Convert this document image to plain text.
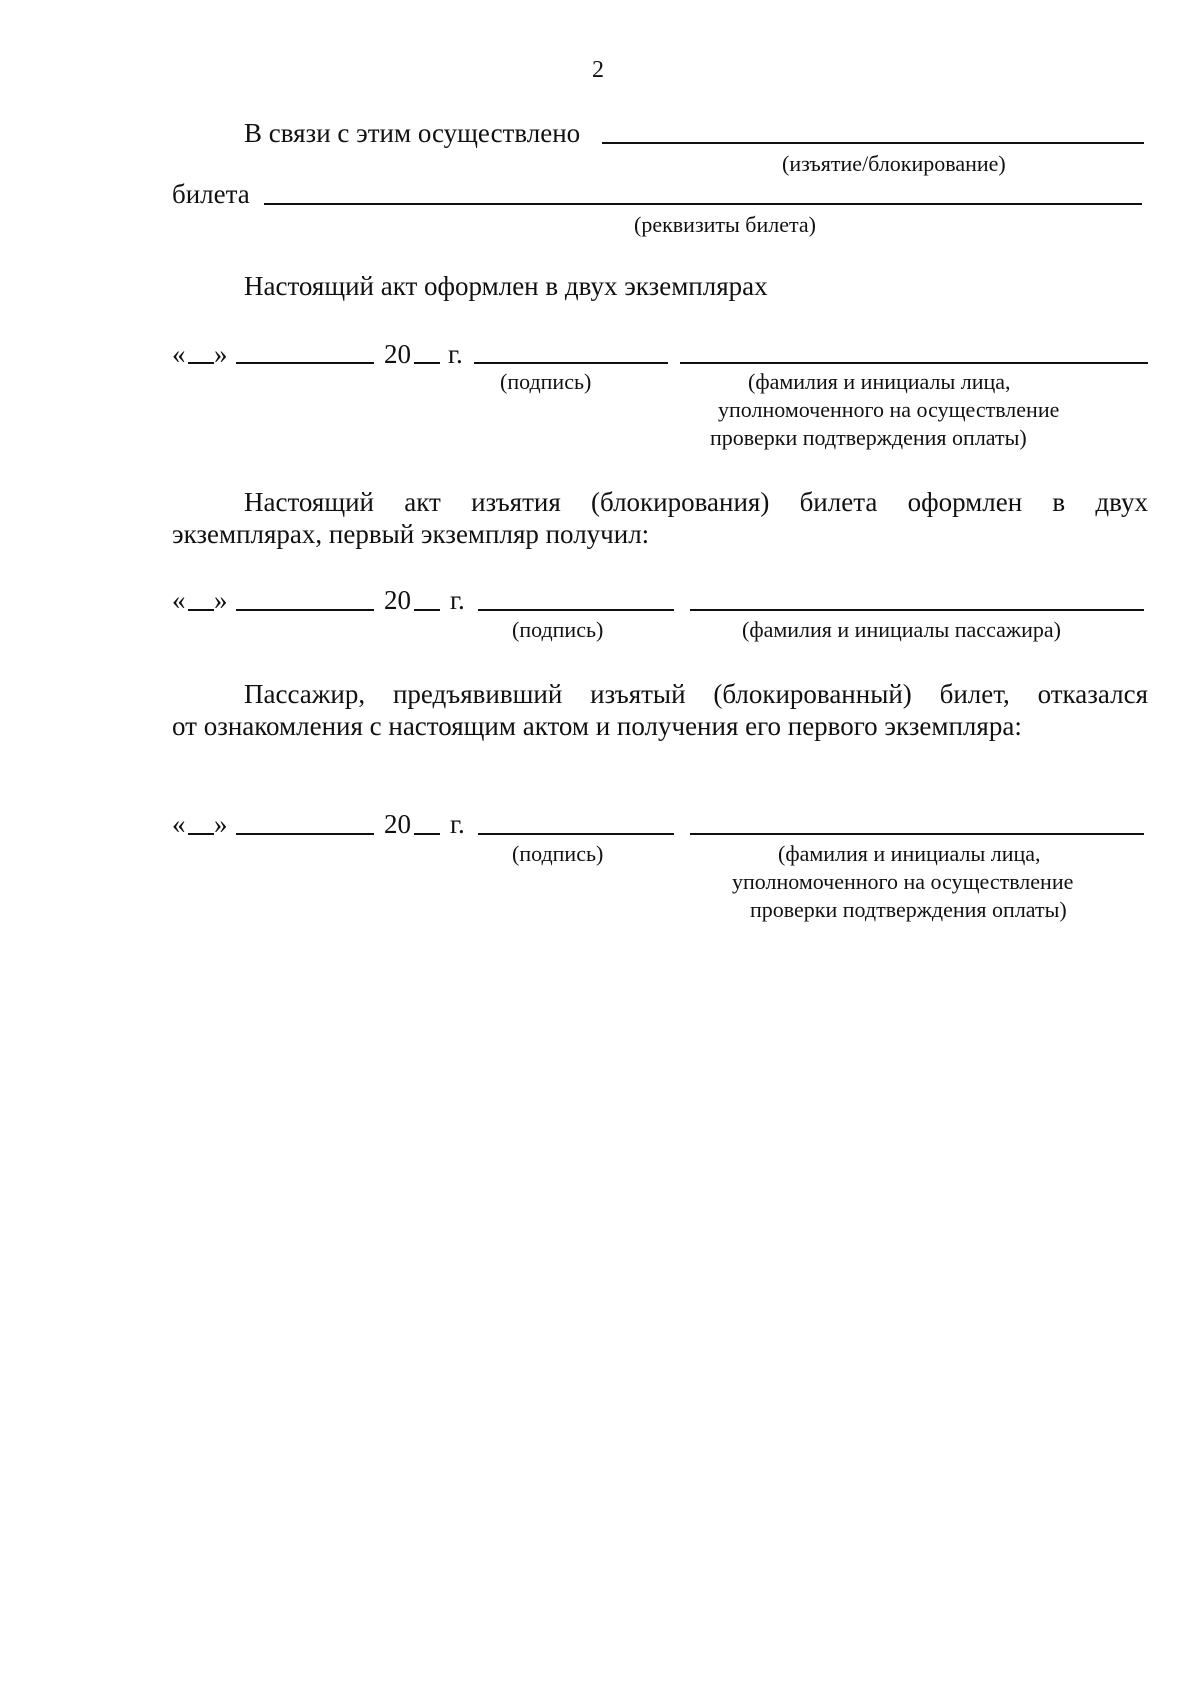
2
В связи с этим осуществлено
(изъятие/блокирование)
билета
(реквизиты билета)
Настоящий акт оформлен в двух экземплярах
« »	20 г.
(подпись)	(фамилия и инициалы лица,
уполномоченного на осуществление
проверки подтверждения оплаты)
Настоящий акт изъятия (блокирования) билета оформлен в двух
экземплярах, первый экземпляр получил:
« »	20 г.
(подпись)	(фамилия и инициалы пассажира)
Пассажир, предъявивший изъятый (блокированный) билет, отказался
от ознакомления с настоящим актом и получения его первого экземпляра:
« »	20 г.
(подпись)	(фамилия и инициалы лица,
уполномоченного на осуществление
проверки подтверждения оплаты)
